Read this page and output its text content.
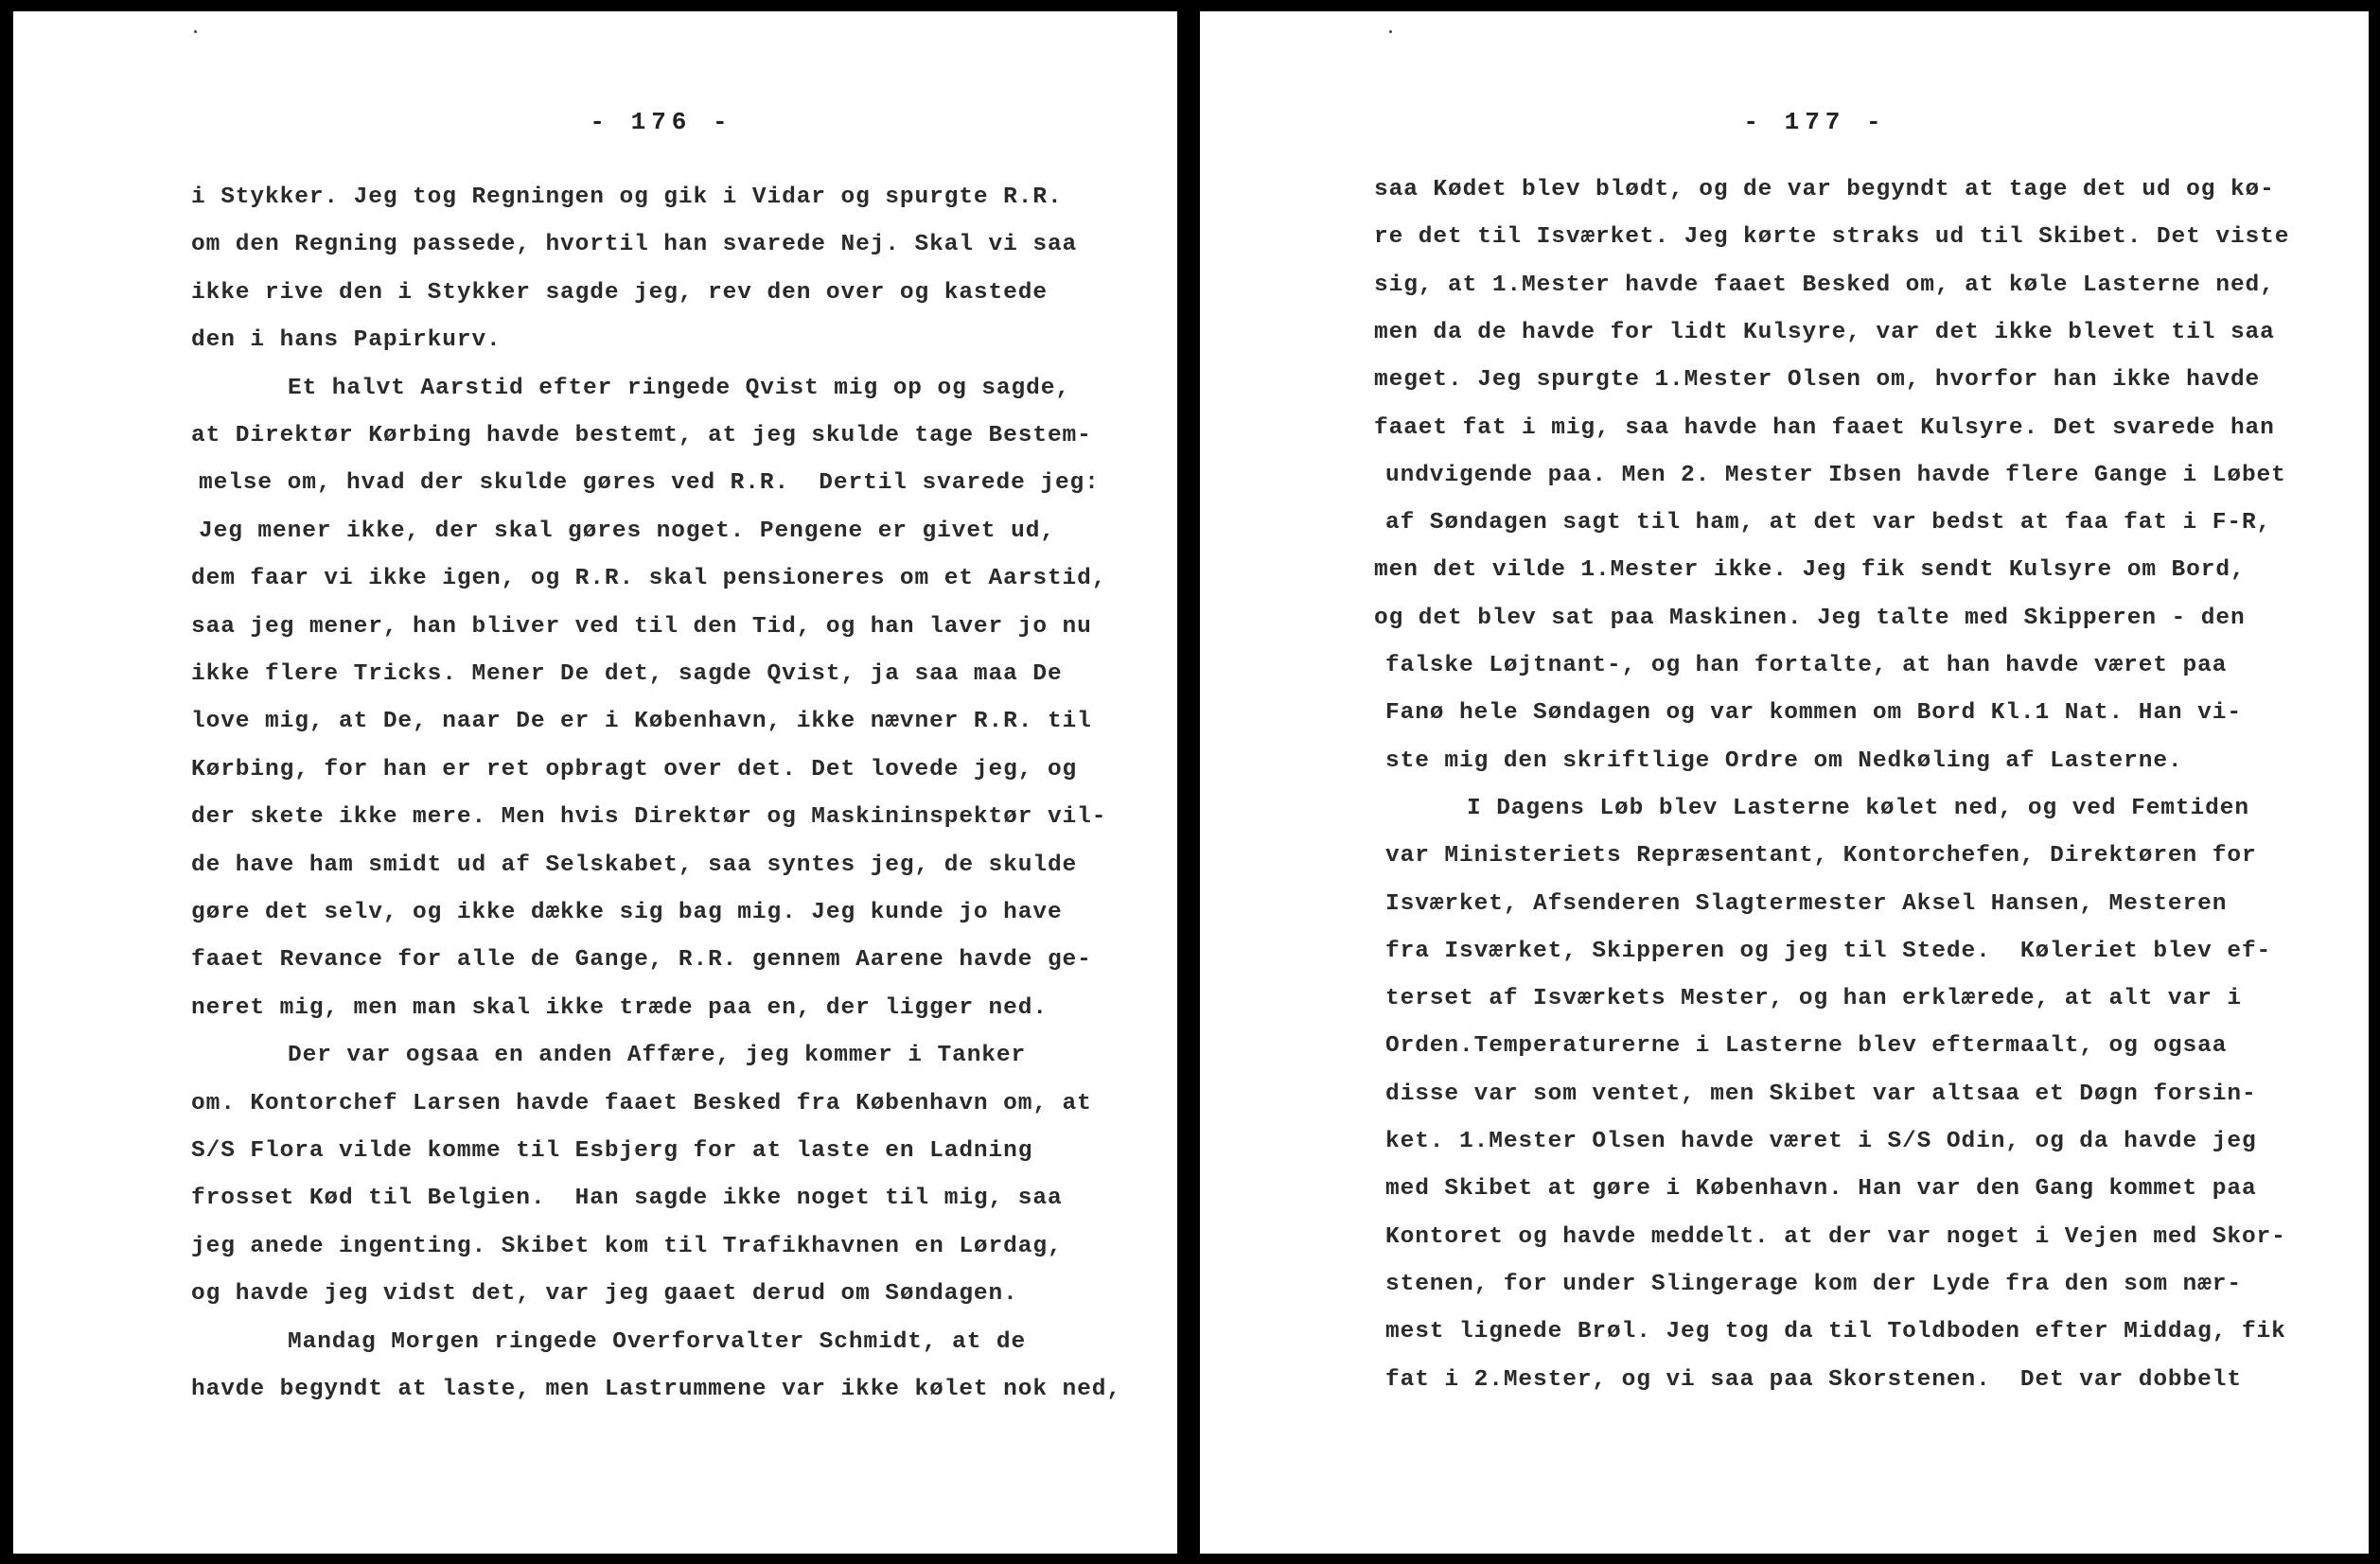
- 176 -
i Stykker. Jeg tog Regningen og gik i Vidar og spurgte R.R.
om den Regning passede, hvortil han svarede Nej. Skal vi saa
ikke rive den i Stykker sagde jeg, rev den over og kastede
den i hans Papirkurv.
Et halvt Aarstid efter ringede Qvist mig op og sagde,
at Direktør Kørbing havde bestemt, at jeg skulde tage Bestem-
melse om, hvad der skulde gøres ved R.R.  Dertil svarede jeg:
Jeg mener ikke, der skal gøres noget. Pengene er givet ud,
dem faar vi ikke igen, og R.R. skal pensioneres om et Aarstid,
saa jeg mener, han bliver ved til den Tid, og han laver jo nu
ikke flere Tricks. Mener De det, sagde Qvist, ja saa maa De
love mig, at De, naar De er i København, ikke nævner R.R. til
Kørbing, for han er ret opbragt over det. Det lovede jeg, og
der skete ikke mere. Men hvis Direktør og Maskininspektør vil-
de have ham smidt ud af Selskabet, saa syntes jeg, de skulde
gøre det selv, og ikke dække sig bag mig. Jeg kunde jo have
faaet Revance for alle de Gange, R.R. gennem Aarene havde ge-
neret mig, men man skal ikke træde paa en, der ligger ned.
Der var ogsaa en anden Affære, jeg kommer i Tanker
om. Kontorchef Larsen havde faaet Besked fra København om, at
S/S Flora vilde komme til Esbjerg for at laste en Ladning
frosset Kød til Belgien.  Han sagde ikke noget til mig, saa
jeg anede ingenting. Skibet kom til Trafikhavnen en Lørdag,
og havde jeg vidst det, var jeg gaaet derud om Søndagen.
Mandag Morgen ringede Overforvalter Schmidt, at de
havde begyndt at laste, men Lastrummene var ikke kølet nok ned,
- 177 -
saa Kødet blev blødt, og de var begyndt at tage det ud og kø-
re det til Isværket. Jeg kørte straks ud til Skibet. Det viste
sig, at 1.Mester havde faaet Besked om, at køle Lasterne ned,
men da de havde for lidt Kulsyre, var det ikke blevet til saa
meget. Jeg spurgte 1.Mester Olsen om, hvorfor han ikke havde
faaet fat i mig, saa havde han faaet Kulsyre. Det svarede han
undvigende paa. Men 2. Mester Ibsen havde flere Gange i Løbet
af Søndagen sagt til ham, at det var bedst at faa fat i F-R,
men det vilde 1.Mester ikke. Jeg fik sendt Kulsyre om Bord,
og det blev sat paa Maskinen. Jeg talte med Skipperen - den
falske Løjtnant-, og han fortalte, at han havde været paa
Fanø hele Søndagen og var kommen om Bord Kl.1 Nat. Han vi-
ste mig den skriftlige Ordre om Nedkøling af Lasterne.
I Dagens Løb blev Lasterne kølet ned, og ved Femtiden
var Ministeriets Repræsentant, Kontorchefen, Direktøren for
Isværket, Afsenderen Slagtermester Aksel Hansen, Mesteren
fra Isværket, Skipperen og jeg til Stede.  Køleriet blev ef-
terset af Isværkets Mester, og han erklærede, at alt var i
Orden.Temperaturerne i Lasterne blev eftermaalt, og ogsaa
disse var som ventet, men Skibet var altsaa et Døgn forsin-
ket. 1.Mester Olsen havde været i S/S Odin, og da havde jeg
med Skibet at gøre i København. Han var den Gang kommet paa
Kontoret og havde meddelt. at der var noget i Vejen med Skor-
stenen, for under Slingerage kom der Lyde fra den som nær-
mest lignede Brøl. Jeg tog da til Toldboden efter Middag, fik
fat i 2.Mester, og vi saa paa Skorstenen.  Det var dobbelt
